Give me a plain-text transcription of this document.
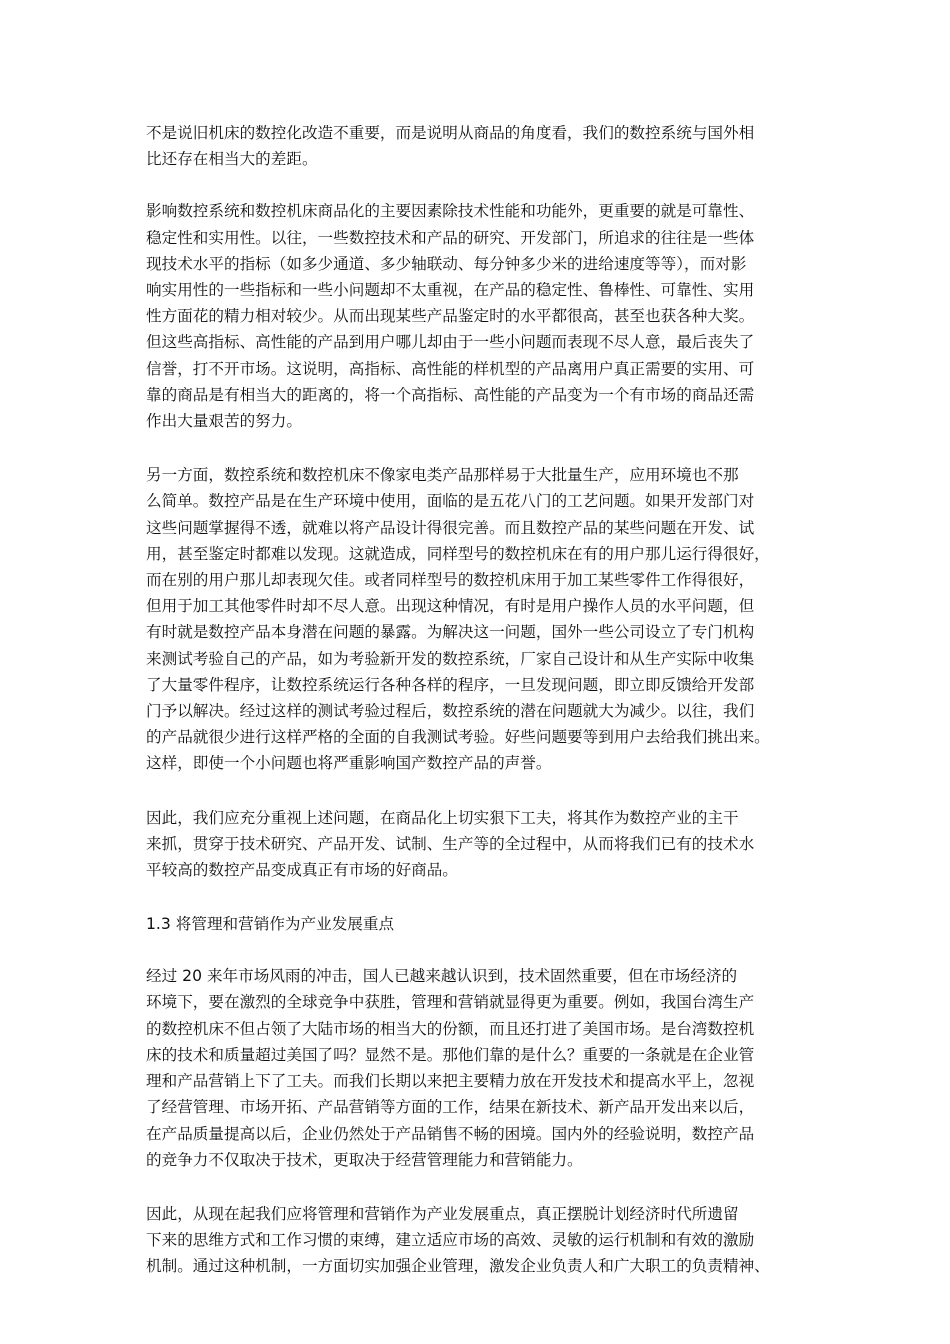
不是说旧机床的数控化改造不重要，而是说明从商品的角度看，我们的数控系统与国外相
比还存在相当大的差距。

影响数控系统和数控机床商品化的主要因素除技术性能和功能外，更重要的就是可靠性、
稳定性和实用性。以往，一些数控技术和产品的研究、开发部门，所追求的往往是一些体
现技术水平的指标（如多少通道、多少轴联动、每分钟多少米的进给速度等等），而对影
响实用性的一些指标和一些小问题却不太重视，在产品的稳定性、鲁棒性、可靠性、实用
性方面花的精力相对较少。从而出现某些产品鉴定时的水平都很高，甚至也获各种大奖。
但这些高指标、高性能的产品到用户哪儿却由于一些小问题而表现不尽人意，最后丧失了
信誉，打不开市场。这说明，高指标、高性能的样机型的产品离用户真正需要的实用、可
靠的商品是有相当大的距离的，将一个高指标、高性能的产品变为一个有市场的商品还需
作出大量艰苦的努力。

另一方面，数控系统和数控机床不像家电类产品那样易于大批量生产，应用环境也不那
么简单。数控产品是在生产环境中使用，面临的是五花八门的工艺问题。如果开发部门对
这些问题掌握得不透，就难以将产品设计得很完善。而且数控产品的某些问题在开发、试
用，甚至鉴定时都难以发现。这就造成，同样型号的数控机床在有的用户那儿运行得很好，
而在别的用户那儿却表现欠佳。或者同样型号的数控机床用于加工某些零件工作得很好，
但用于加工其他零件时却不尽人意。出现这种情况，有时是用户操作人员的水平问题，但
有时就是数控产品本身潜在问题的暴露。为解决这一问题，国外一些公司设立了专门机构
来测试考验自己的产品，如为考验新开发的数控系统，厂家自己设计和从生产实际中收集
了大量零件程序，让数控系统运行各种各样的程序，一旦发现问题，即立即反馈给开发部
门予以解决。经过这样的测试考验过程后，数控系统的潜在问题就大为减少。以往，我们
的产品就很少进行这样严格的全面的自我测试考验。好些问题要等到用户去给我们挑出来。
这样，即使一个小问题也将严重影响国产数控产品的声誉。

因此，我们应充分重视上述问题，在商品化上切实狠下工夫，将其作为数控产业的主干
来抓，贯穿于技术研究、产品开发、试制、生产等的全过程中，从而将我们已有的技术水
平较高的数控产品变成真正有市场的好商品。

1.3 将管理和营销作为产业发展重点

经过 20 来年市场风雨的冲击，国人已越来越认识到，技术固然重要，但在市场经济的
环境下，要在激烈的全球竞争中获胜，管理和营销就显得更为重要。例如，我国台湾生产
的数控机床不但占领了大陆市场的相当大的份额，而且还打进了美国市场。是台湾数控机
床的技术和质量超过美国了吗？显然不是。那他们靠的是什么？重要的一条就是在企业管
理和产品营销上下了工夫。而我们长期以来把主要精力放在开发技术和提高水平上，忽视
了经营管理、市场开拓、产品营销等方面的工作，结果在新技术、新产品开发出来以后，
在产品质量提高以后，企业仍然处于产品销售不畅的困境。国内外的经验说明，数控产品
的竞争力不仅取决于技术，更取决于经营管理能力和营销能力。

因此，从现在起我们应将管理和营销作为产业发展重点，真正摆脱计划经济时代所遗留
下来的思维方式和工作习惯的束缚，建立适应市场的高效、灵敏的运行机制和有效的激励
机制。通过这种机制，一方面切实加强企业管理，激发企业负责人和广大职工的负责精神、
